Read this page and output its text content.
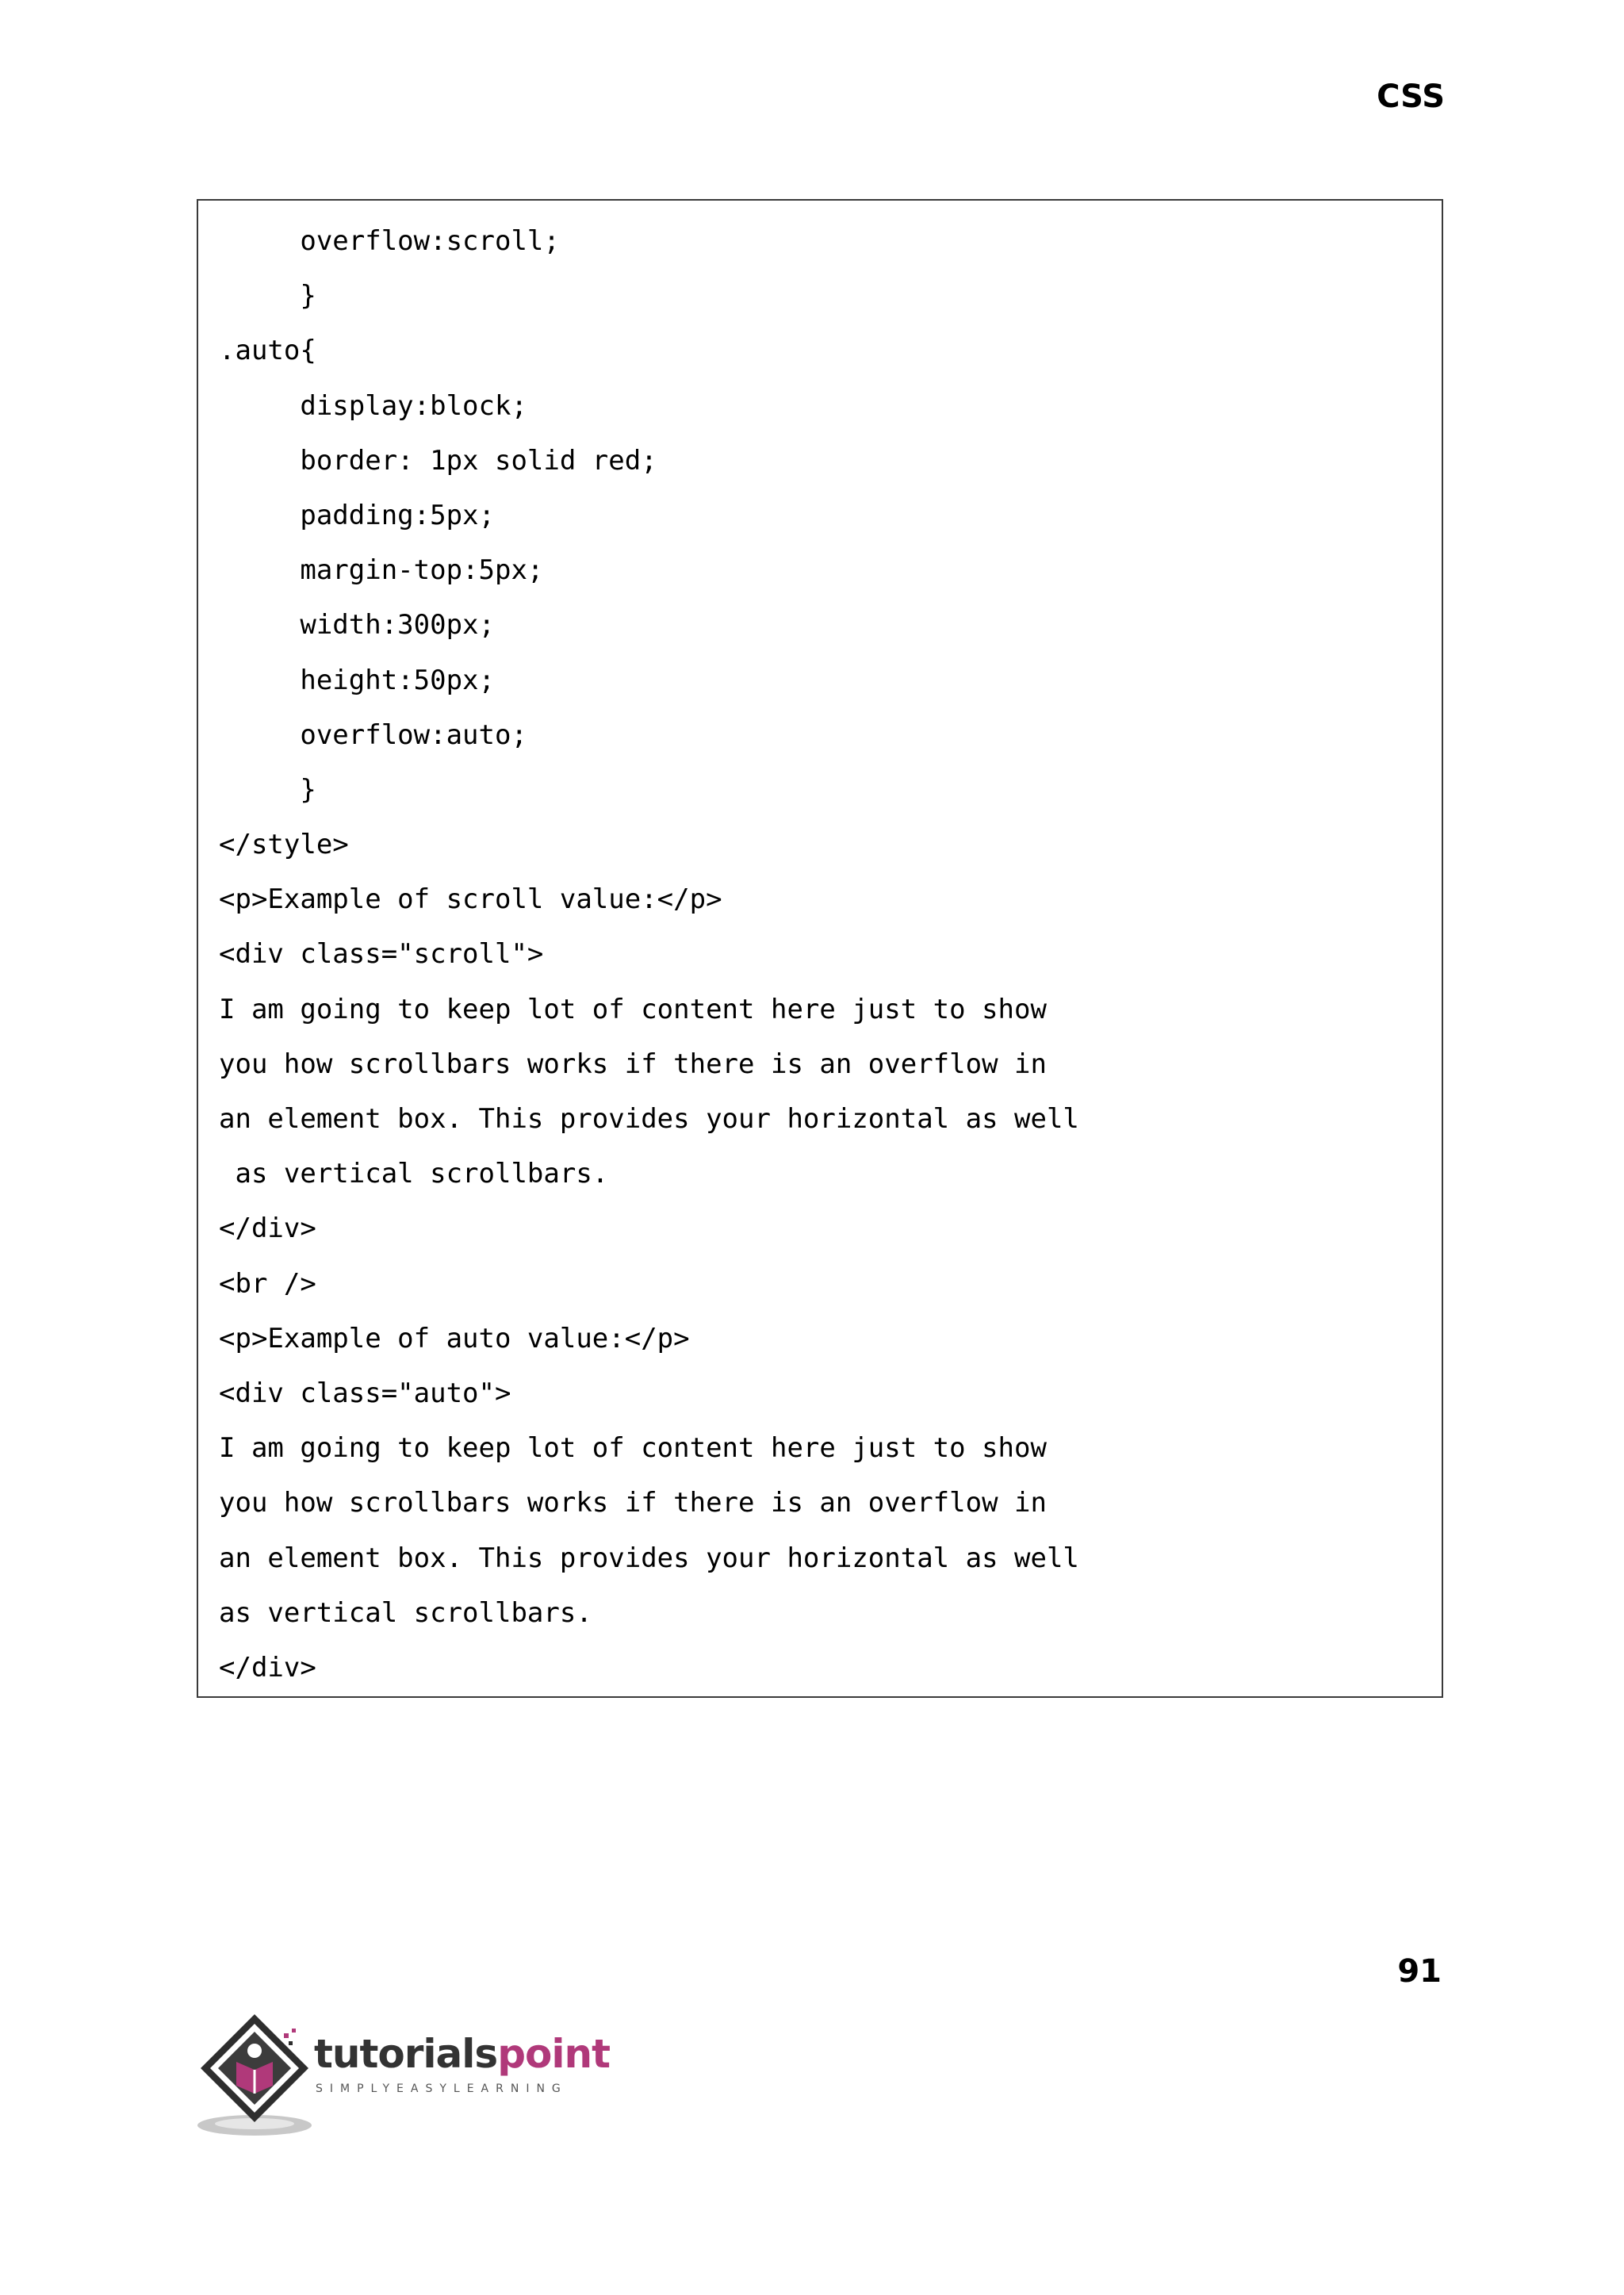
CSS
overflow:scroll;
}
.auto{
display:block;
border: 1px solid red;
padding:5px;
margin-top:5px;
width:300px;
height:50px;
overflow:auto;
}
</style>
<p>Example of scroll value:</p>
<div class="scroll">
I am going to keep lot of content here just to show
you how scrollbars works if there is an overflow in
an element box. This provides your horizontal as well
as vertical scrollbars.
</div>
<br />
<p>Example of auto value:</p>
<div class="auto">
I am going to keep lot of content here just to show
you how scrollbars works if there is an overflow in
an element box. This provides your horizontal as well
as vertical scrollbars.
</div>
91
tutorialspoint
SIMPLYEASYLEARNING
